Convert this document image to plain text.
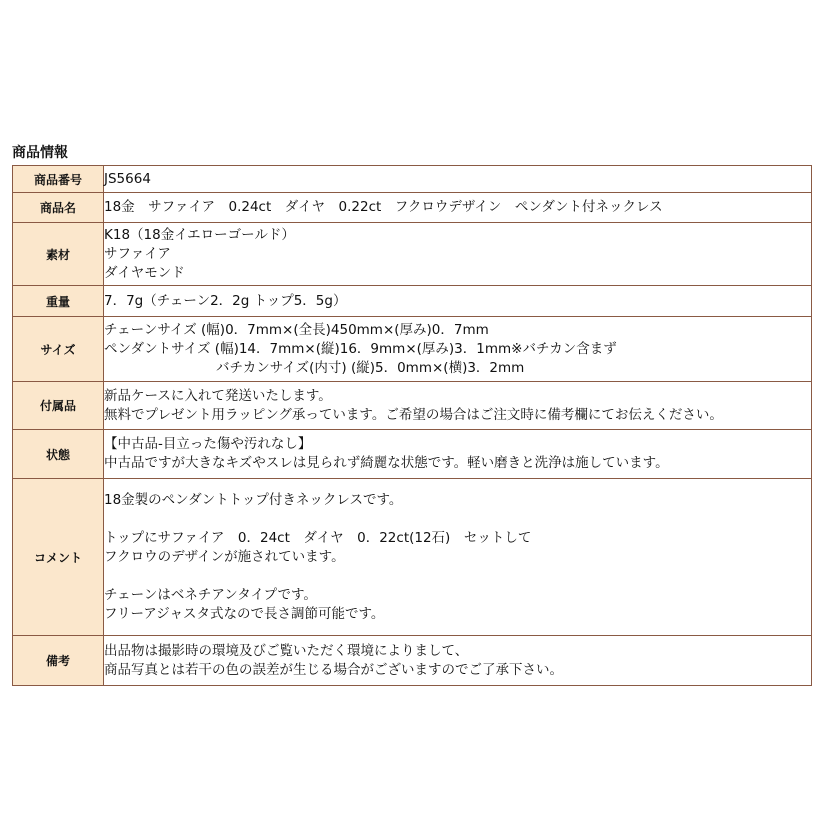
商品情報
商品番号	JS5664
商品名	18金　サファイア　0.24ct　ダイヤ　0.22ct　フクロウデザイン　ペンダント付ネックレス
素材	K18（18金イエローゴールド）
サファイア
ダイヤモンド

重量	7．7g（チェーン2．2g トップ5．5g）
サイズ	チェーンサイズ (幅)0．7mm×(全長)450mm×(厚み)0．7mm
ペンダントサイズ (幅)14．7mm×(縦)16．9mm×(厚み)3．1mm※バチカン含まず
バチカンサイズ(内寸) (縦)5．0mm×(横)3．2mm

付属品	新品ケースに入れて発送いたします。
無料でプレゼント用ラッピング承っています。ご希望の場合はご注文時に備考欄にてお伝えください。

状態	【中古品-目立った傷や汚れなし】
中古品ですが大きなキズやスレは見られず綺麗な状態です。軽い磨きと洗浄は施しています。

コメント	18金製のペンダントトップ付きネックレスです。
トップにサファイア　0．24ct　ダイヤ　0．22ct(12石)　セットして
フクロウのデザインが施されています。
チェーンはベネチアンタイプです。
フリーアジャスタ式なので長さ調節可能です。

備考	出品物は撮影時の環境及びご覧いただく環境によりまして、
商品写真とは若干の色の誤差が生じる場合がございますのでご了承下さい。
